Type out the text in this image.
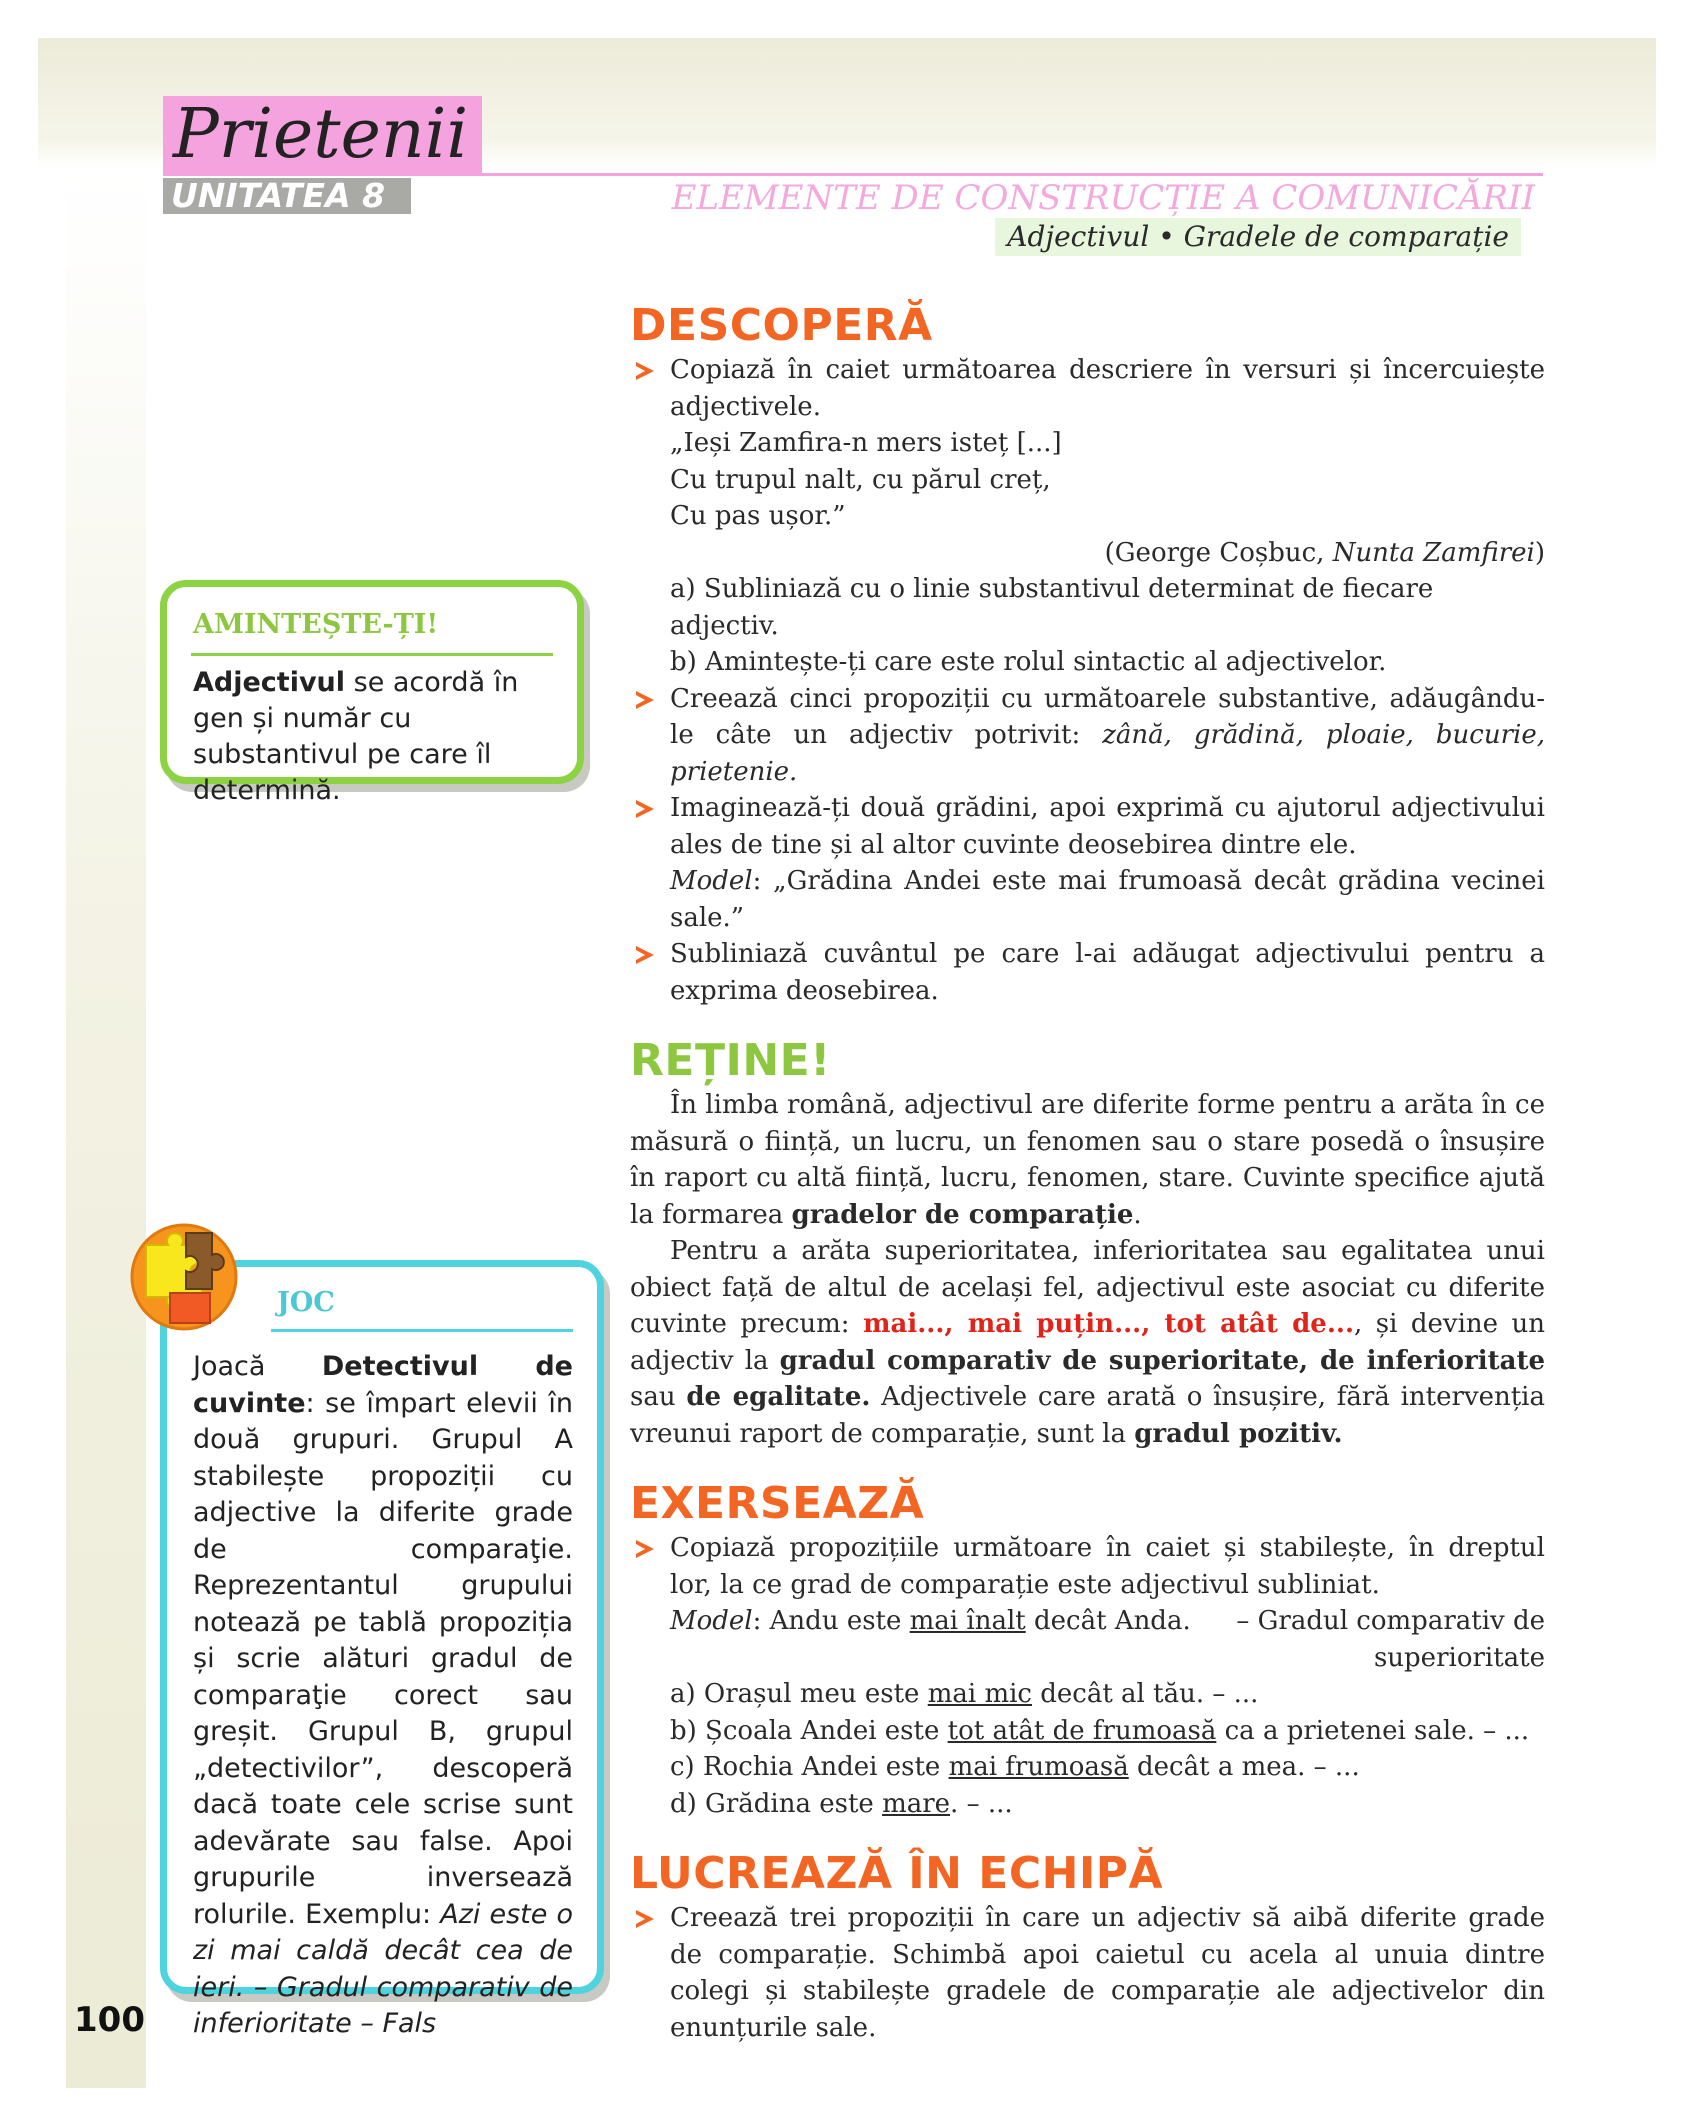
Prietenii
UNITATEA 8	ELEMENTE DE CONSTRUCȚIE A COMUNICĂRII
Adjectivul • Gradele de comparație
AMINTEȘTE-ȚI!
Adjectivul se acordă în gen și număr cu substantivul pe care îl determină.
JOC
Joacă Detectivul de cuvinte: se împart elevii în două grupuri. Grupul A stabilește propoziții cu adjective la diferite grade de comparaţie. Reprezentantul grupului notează pe tablă propoziția și scrie alături gradul de comparaţie corect sau greșit. Grupul B, grupul „detectivilor”, descoperă dacă toate cele scrise sunt adevărate sau false. Apoi grupurile inversează rolurile. Exemplu: Azi este o zi mai caldă decât cea de ieri. – Gradul comparativ de inferioritate – Fals
100
DESCOPERĂ

Copiază în caiet următoarea descriere în versuri și încercuiește adjectivele.

„Ieși Zamfira-n mers isteț [...]

Cu trupul nalt, cu părul creț,

Cu pas ușor.”

(George Coșbuc, Nunta Zamfirei)

a) Subliniază cu o linie substantivul determinat de fiecare adjectiv.

b) Amintește-ți care este rolul sintactic al adjectivelor.

Creează cinci propoziții cu următoarele substantive, adăugându-le câte un adjectiv potrivit: zână, grădină, ploaie, bucurie, prietenie.

Imaginează-ți două grădini, apoi exprimă cu ajutorul adjectivului ales de tine și al altor cuvinte deosebirea dintre ele.

Model: „Grădina Andei este mai frumoasă decât grădina vecinei sale.”

Subliniază cuvântul pe care l-ai adăugat adjectivului pentru a exprima deosebirea.

REȚINE!

În limba română, adjectivul are diferite forme pentru a arăta în ce măsură o ființă, un lucru, un fenomen sau o stare posedă o însușire în raport cu altă ființă, lucru, fenomen, stare. Cuvinte specifice ajută la formarea gradelor de comparație.

Pentru a arăta superioritatea, inferioritatea sau egalitatea unui obiect față de altul de același fel, adjectivul este asociat cu diferite cuvinte precum: mai..., mai puțin..., tot atât de..., și devine un adjectiv la gradul comparativ de superioritate, de inferioritate sau de egalitate. Adjectivele care arată o însușire, fără intervenția vreunui raport de comparație, sunt la gradul pozitiv.

EXERSEAZĂ

Copiază propozițiile următoare în caiet și stabilește, în dreptul lor, la ce grad de comparație este adjectivul subliniat.

Model: Andu este mai înalt decât Anda.	– Gradul comparativ de

superioritate

a) Orașul meu este mai mic decât al tău. – ...

b) Școala Andei este tot atât de frumoasă ca a prietenei sale. – ...

c) Rochia Andei este mai frumoasă decât a mea. – ...

d) Grădina este mare. – ...

LUCREAZĂ ÎN ECHIPĂ

Creează trei propoziții în care un adjectiv să aibă diferite grade de comparație. Schimbă apoi caietul cu acela al unuia dintre colegi și stabilește gradele de comparație ale adjectivelor din enunțurile sale.
